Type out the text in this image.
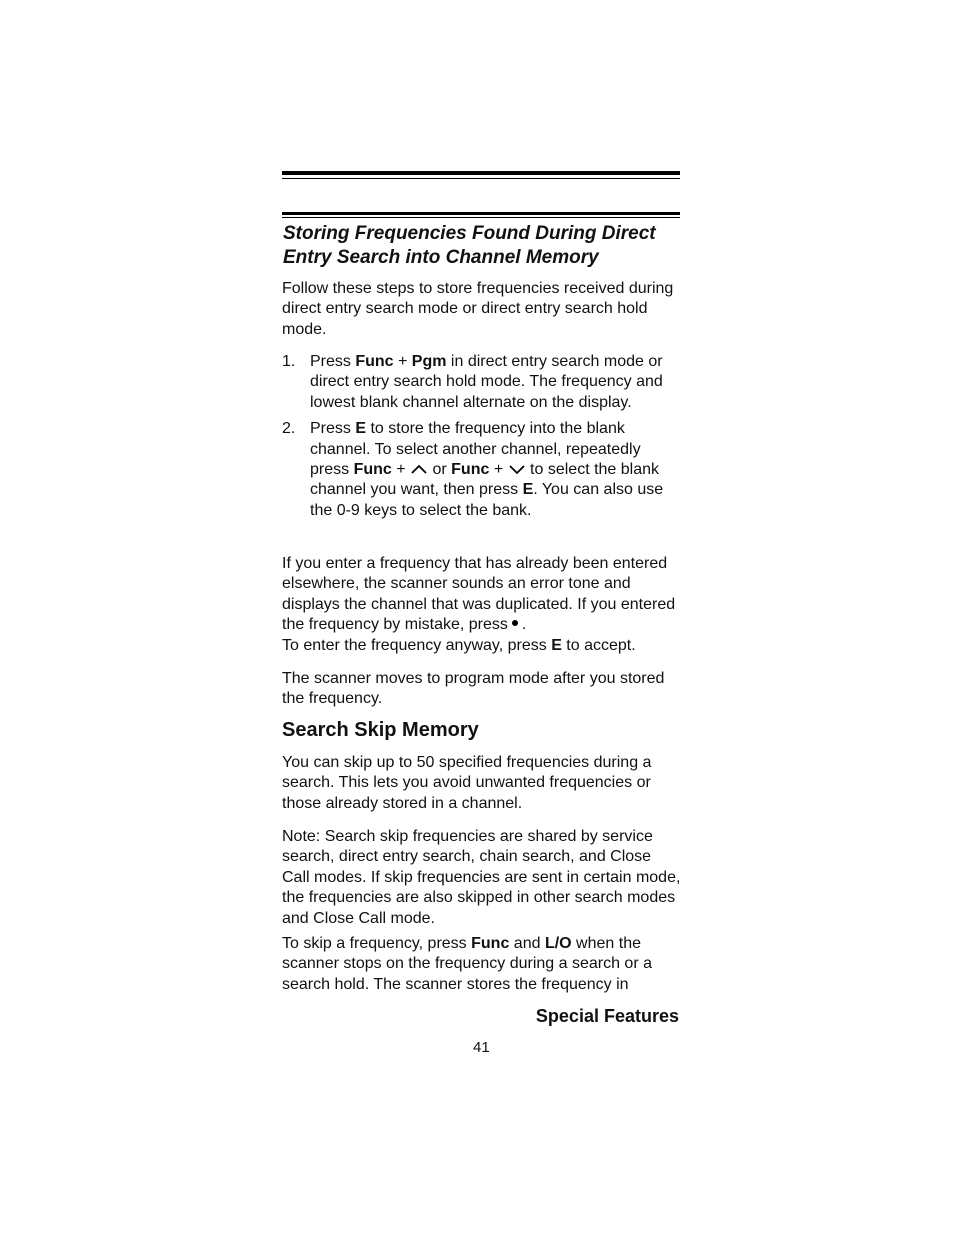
Storing Frequencies Found During Direct Entry Search into Channel Memory

Follow these steps to store frequencies received during direct entry search mode or direct entry search hold mode.

1. Press Func + Pgm in direct entry search mode or direct entry search hold mode. The frequency and lowest blank channel alternate on the display.
2. Press E to store the frequency into the blank channel. To select another channel, repeatedly press Func +  or Func +  to select the blank channel you want, then press E. You can also use the 0-9 keys to select the bank.

If you enter a frequency that has already been entered elsewhere, the scanner sounds an error tone and displays the channel that was duplicated. If you entered the frequency by mistake, press .

To enter the frequency anyway, press E to accept.

The scanner moves to program mode after you stored the frequency.

Search Skip Memory

You can skip up to 50 specified frequencies during a search. This lets you avoid unwanted frequencies or those already stored in a channel.

Note: Search skip frequencies are shared by service search, direct entry search, chain search, and Close Call modes. If skip frequencies are sent in certain mode, the frequencies are also skipped in other search modes and Close Call mode.

To skip a frequency, press Func and L/O when the scanner stops on the frequency during a search or a search hold. The scanner stores the frequency in

Special Features
41
